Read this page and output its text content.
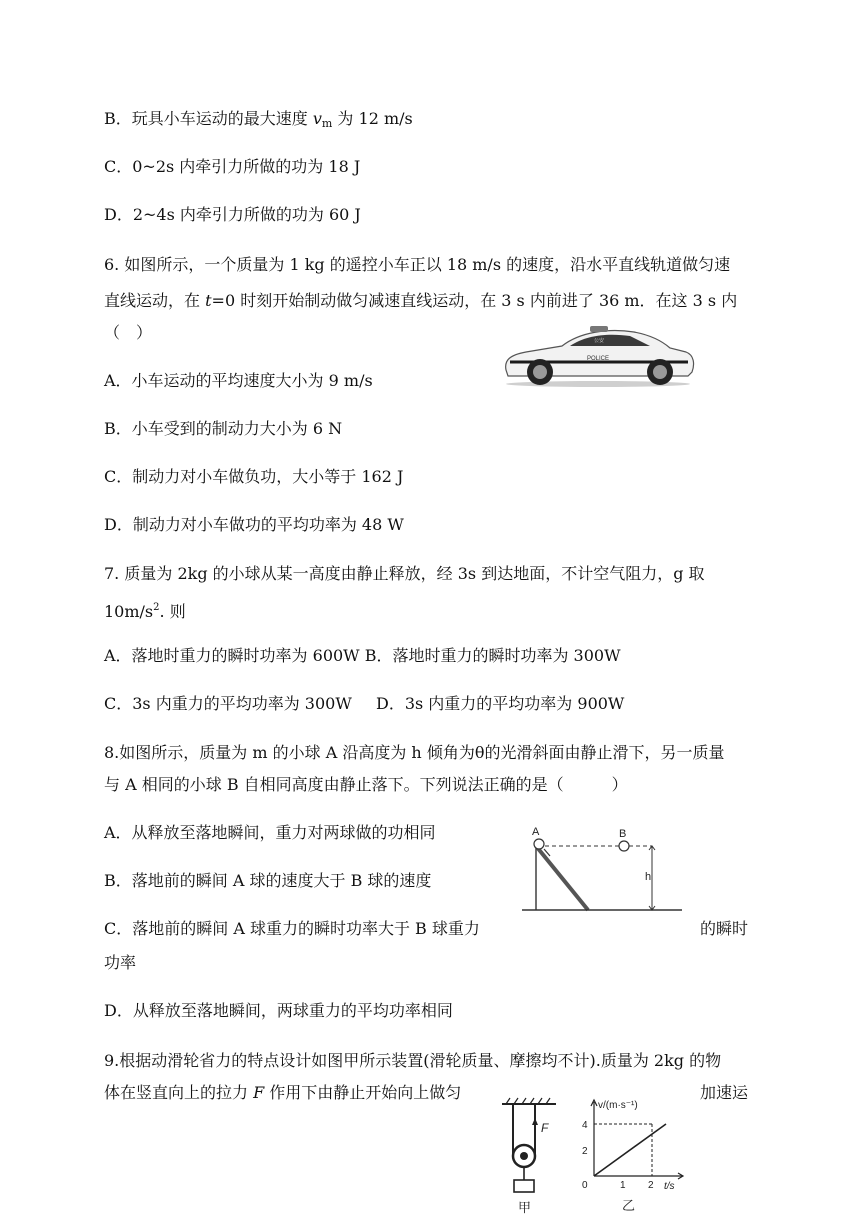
B．玩具小车运动的最大速度 $v_m$ 为 12 m/s
C．0~2s 内牵引力所做的功为 18 J
D．2~4s 内牵引力所做的功为 60 J
6. 如图所示，一个质量为 1 kg 的遥控小车正以 18 m/s 的速度，沿水平直线轨道做匀速
直线运动，在 t=0 时刻开始制动做匀减速直线运动，在 3 s 内前进了 36 m．在这 3 s 内
（　）	公安
POLICE
A．小车运动的平均速度大小为 9 m/s
B．小车受到的制动力大小为 6 N
C．制动力对小车做负功，大小等于 162 J
D．制动力对小车做功的平均功率为 48 W
7. 质量为 2kg 的小球从某一高度由静止释放，经 3s 到达地面，不计空气阻力，g 取
$10m/s^2$. 则
A．落地时重力的瞬时功率为 600W B．落地时重力的瞬时功率为 300W
C．3s 内重力的平均功率为 300W D．3s 内重力的平均功率为 900W
8.如图所示，质量为 m 的小球 A 沿高度为 h 倾角为θ的光滑斜面由静止滑下，另一质量
与 A 相同的小球 B 自相同高度由静止落下。下列说法正确的是（　　　）
A．从释放至落地瞬间，重力对两球做的功相同	A	B
h
B．落地前的瞬间 A 球的速度大于 B 球的速度
C．落地前的瞬间 A 球重力的瞬时功率大于 B 球重力	的瞬时
功率
D．从释放至落地瞬间，两球重力的平均功率相同
9.根据动滑轮省力的特点设计如图甲所示装置(滑轮质量、摩擦均不计).质量为 2kg 的物
体在竖直向上的拉力 F 作用下由静止开始向上做匀	加速运
F
甲
v/(m·s⁻¹)
t/s
0
4
2
1 2
乙
